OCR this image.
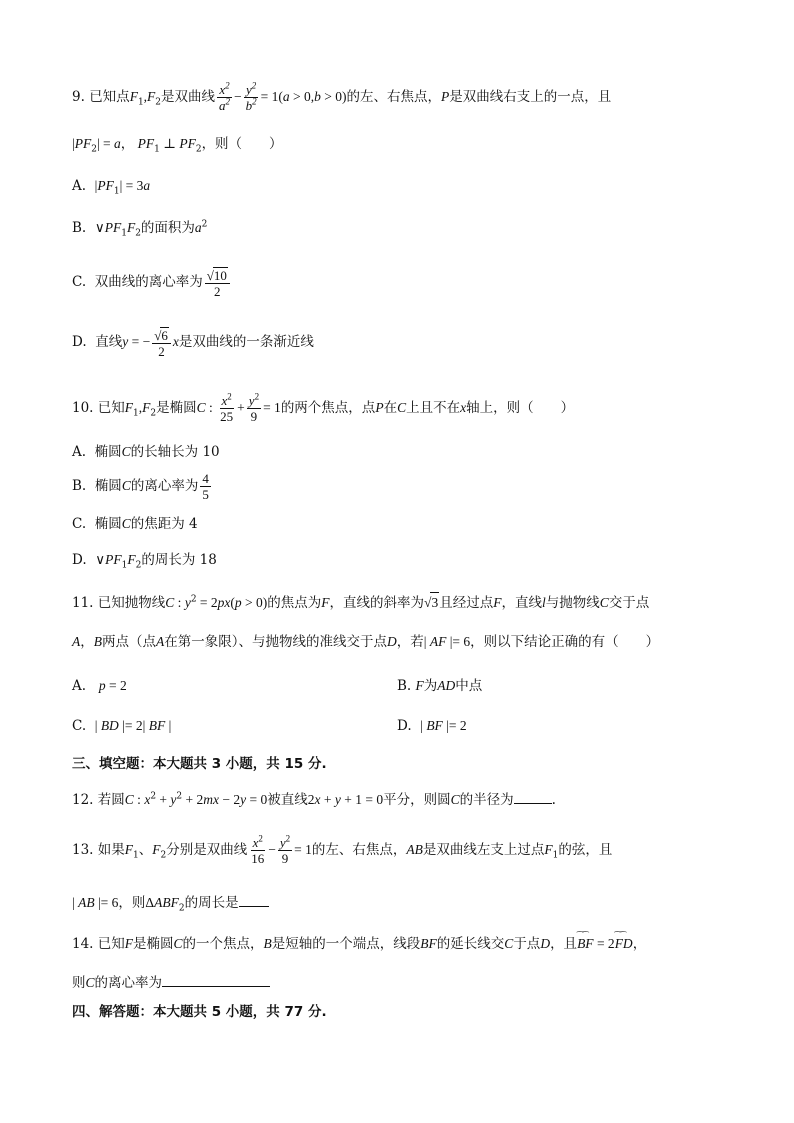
9. 已知点$F_1,F_2$是双曲线 $\frac{x^2}{a^2} - \frac{y^2}{b^2} = 1(a > 0,b > 0)$的左、右焦点，P是双曲线右支上的一点，且
$|PF_2| = a$， $PF_1$ ⊥ $PF_2$，则（　　）
A. $|PF_1| = 3a$
B. $\vee PF_1F_2$的面积为$a^2$
C. 双曲线的离心率为 $\frac{√10}{2}$
D. 直线y = − $\frac{√6}{2}$ x是双曲线的一条渐近线
10. 已知$F_1,F_2$是椭圆C : $\frac{x^2}{25} + \frac{y^2}{9} = 1$的两个焦点，点P在C上且不在x轴上，则（　　）
A. 椭圆C的长轴长为 10
B. 椭圆C的离心率为 $\frac{4}{5}$
C. 椭圆C的焦距为 4
D. $\vee PF_1F_2$的周长为 18
11. 已知抛物线C : $y^2 = 2px(p > 0)$的焦点为F，直线的斜率为√3且经过点F，直线l与抛物线C交于点
A，B两点（点A在第一象限）、与抛物线的准线交于点D，若| AF |= 6，则以下结论正确的有（　　）
A. p = 2	B. F为AD中点
C. | BD |= 2| BF |	D. | BF |= 2
三、填空题：本大题共 3 小题，共 15 分.
12. 若圆C : $x^2 + y^2 + 2mx - 2y = 0$被直线2x + y + 1 = 0平分，则圆C的半径为	.
13. 如果$F_1$、$F_2$分别是双曲线 $\frac{x^2}{16} - \frac{y^2}{9} = 1$的左、右焦点，AB是双曲线左支上过点$F_1$的弦，且
| AB |= 6，则$\Delta ABF_2$的周长是
14. 已知F是椭圆C的一个焦点，B是短轴的一个端点，线段BF的延长线交C于点D，且‿‿ BF = 2‿‿ FD，
则C的离心率为
四、解答题：本大题共 5 小题，共 77 分.
